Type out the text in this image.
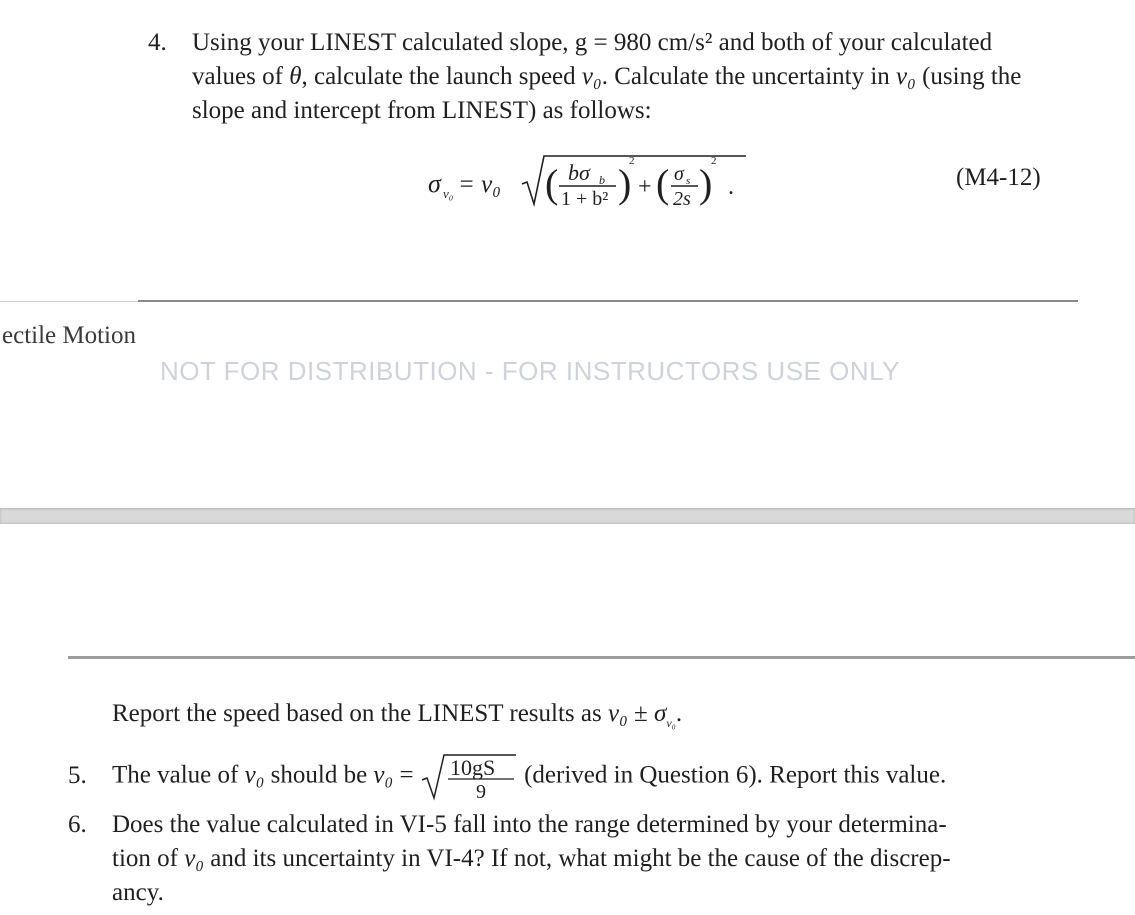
4. Using your LINEST calculated slope, g = 980 cm/s² and both of your calculated
values of θ, calculate the launch speed v₀. Calculate the uncertainty in v₀ (using the
slope and intercept from LINEST) as follows:
σ v₀ = v₀ ( bσ b
1 + b² )
2
+ ( σ s
2s )
2
.	(M4-12)
ectile Motion
NOT FOR DISTRIBUTION - FOR INSTRUCTORS USE ONLY
Report the speed based on the LINEST results as $v_0 \pm \sigma_{v_0}$.
5. The value of v₀ should be v₀ = 10gS
9
(derived in Question 6). Report this value.
6. Does the value calculated in VI-5 fall into the range determined by your determina-
tion of v₀ and its uncertainty in VI-4? If not, what might be the cause of the discrep-
ancy.
